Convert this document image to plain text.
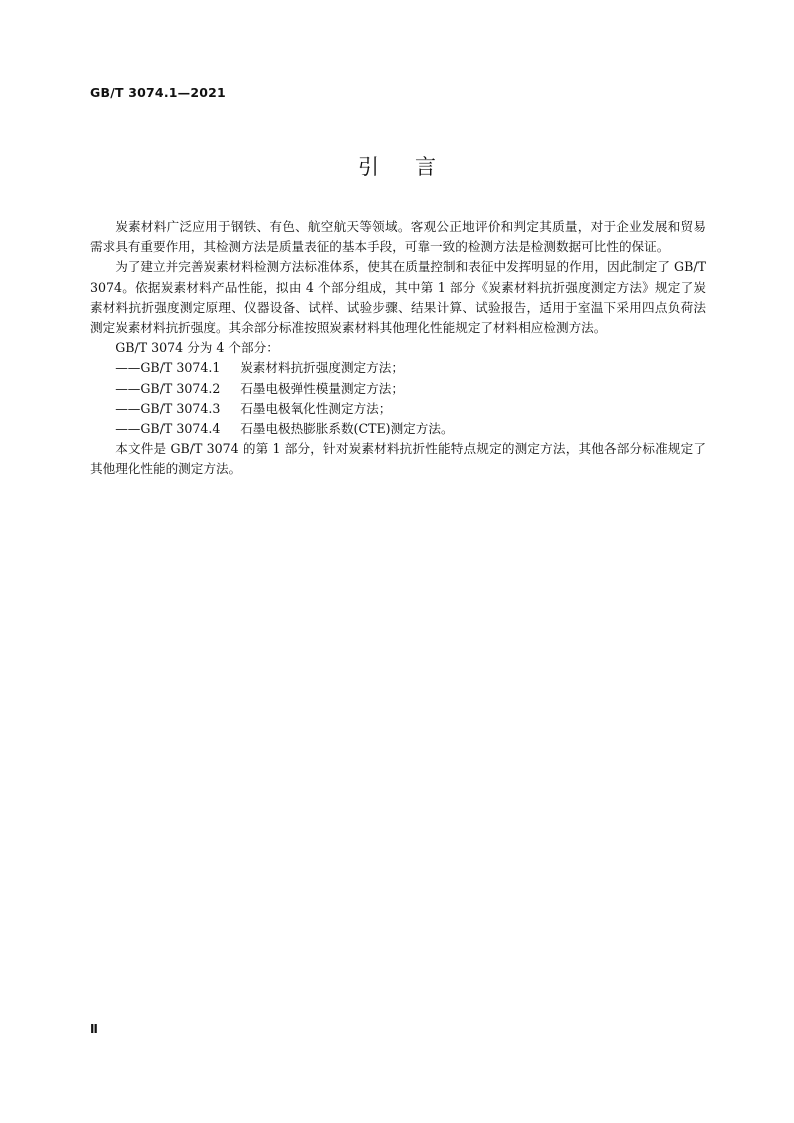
GB/T 3074.1—2021
引言

炭素材料广泛应用于钢铁、有色、航空航天等领域。客观公正地评价和判定其质量，对于企业发展和贸易需求具有重要作用，其检测方法是质量表征的基本手段，可靠一致的检测方法是检测数据可比性的保证。

为了建立并完善炭素材料检测方法标准体系，使其在质量控制和表征中发挥明显的作用，因此制定了 GB/T 3074。依据炭素材料产品性能，拟由 4 个部分组成，其中第 1 部分《炭素材料抗折强度测定方法》规定了炭素材料抗折强度测定原理、仪器设备、试样、试验步骤、结果计算、试验报告，适用于室温下采用四点负荷法测定炭素材料抗折强度。其余部分标准按照炭素材料其他理化性能规定了材料相应检测方法。

GB/T 3074 分为 4 个部分：

——GB/T 3074.1 炭素材料抗折强度测定方法；
——GB/T 3074.2 石墨电极弹性模量测定方法；
——GB/T 3074.3 石墨电极氧化性测定方法；
——GB/T 3074.4 石墨电极热膨胀系数(CTE)测定方法。

本文件是 GB/T 3074 的第 1 部分，针对炭素材料抗折性能特点规定的测定方法，其他各部分标准规定了其他理化性能的测定方法。

Ⅱ
